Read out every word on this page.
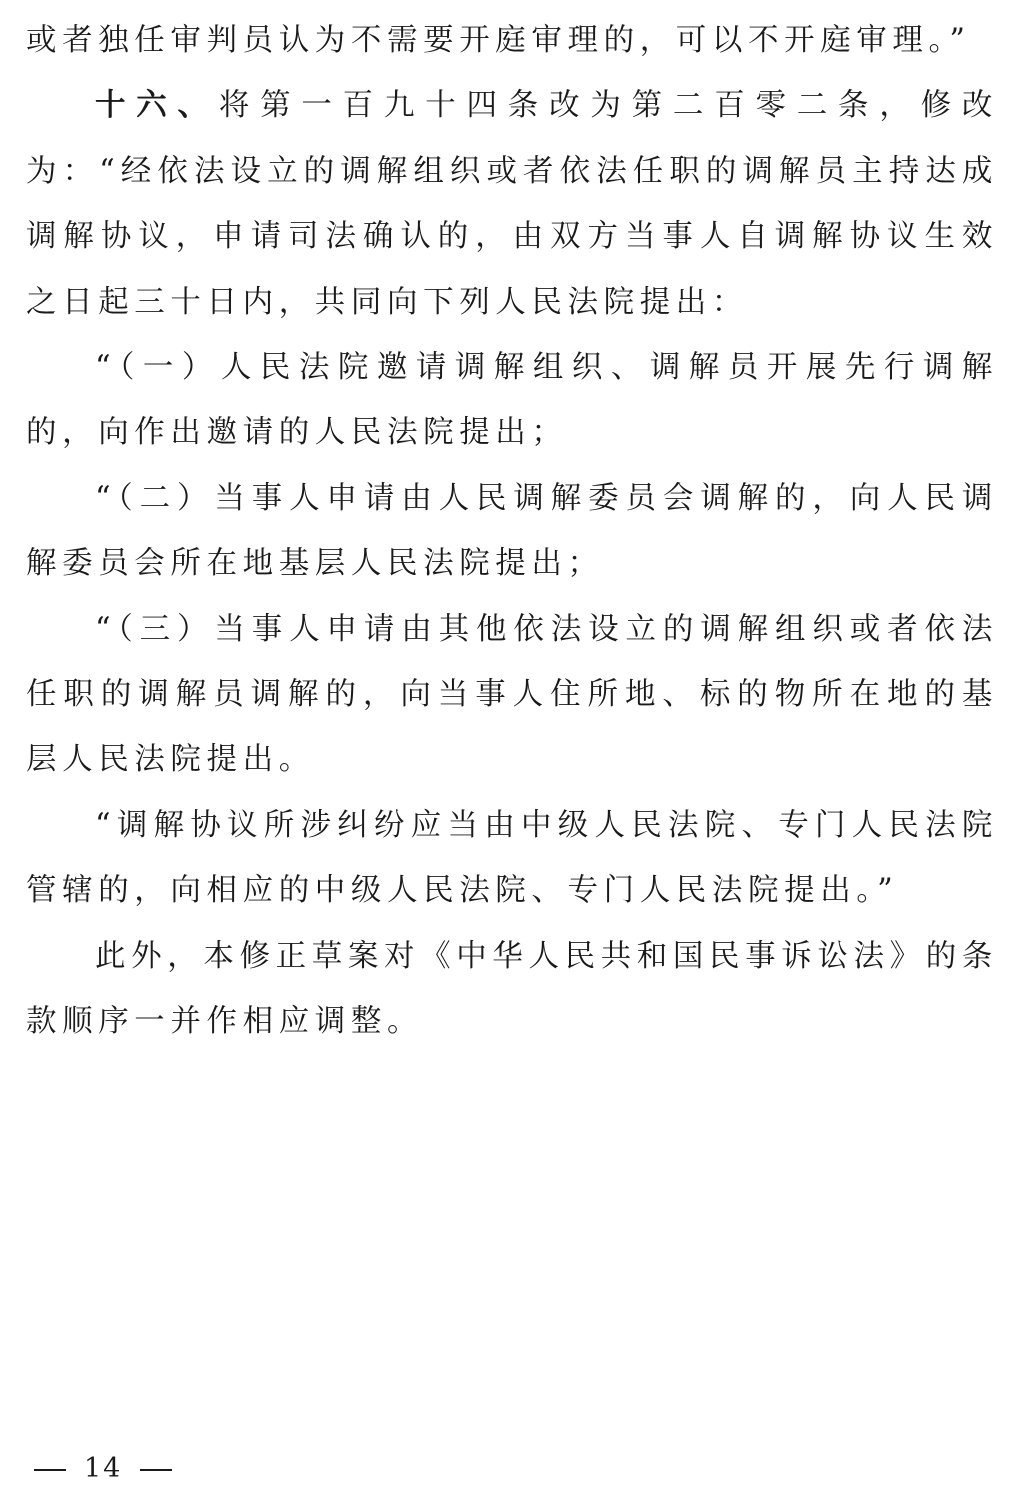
或者独任审判员认为不需要开庭审理的，可以不开庭审理。”

十六、将第一百九十四条改为第二百零二条，修改为：“经依法设立的调解组织或者依法任职的调解员主持达成调解协议，申请司法确认的，由双方当事人自调解协议生效之日起三十日内，共同向下列人民法院提出：

“（一）人民法院邀请调解组织、调解员开展先行调解的，向作出邀请的人民法院提出；

“（二）当事人申请由人民调解委员会调解的，向人民调解委员会所在地基层人民法院提出；

“（三）当事人申请由其他依法设立的调解组织或者依法任职的调解员调解的，向当事人住所地、标的物所在地的基层人民法院提出。

“调解协议所涉纠纷应当由中级人民法院、专门人民法院管辖的，向相应的中级人民法院、专门人民法院提出。”

此外，本修正草案对《中华人民共和国民事诉讼法》的条款顺序一并作相应调整。

14
